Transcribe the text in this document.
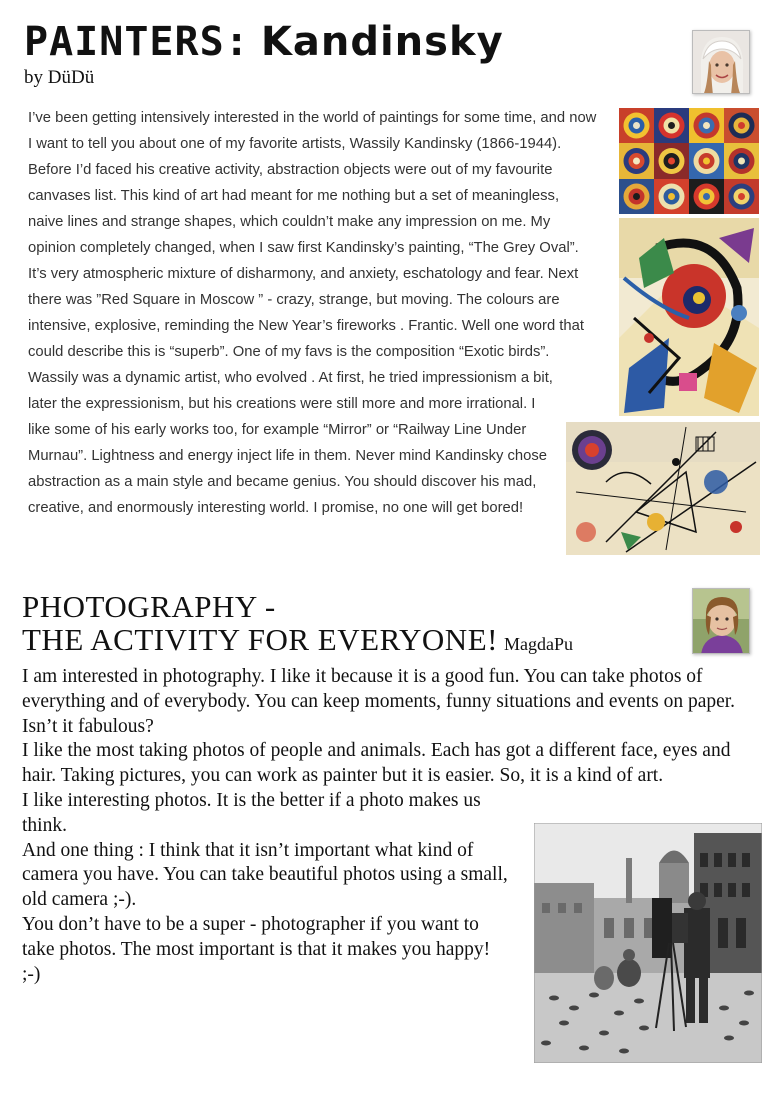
PAINTERS: Kandinsky
by DüDü

I’ve been getting intensively interested in the world of paintings for some time, and now I want to tell you about one of my favorite artists, Wassily Kandinsky (1866-1944). Before I’d faced his creative activity, abstraction objects were out of my favourite canvases list. This kind of art had meant for me nothing but a set of meaningless, naive lines and strange shapes, which couldn’t make any impression on me. My opinion completely changed, when I saw first Kandinsky’s painting, “The Grey Oval”. It’s very atmospheric mixture of disharmony, and anxiety, eschatology and fear. Next there was ”Red Square in Moscow ” - crazy, strange, but moving. The colours are intensive, explosive, reminding the New Year’s fireworks . Frantic. Well one word that could describe this is “superb”. One of my favs is the composition “Exotic birds”.

Wassily was a dynamic artist, who evolved . At first, he tried impressionism a bit, later the expressionism, but his creations were still more and more irrational. I like some of his early works too, for example “Mirror” or “Railway Line Under Murnau”. Lightness and energy inject life in them. Never mind Kandinsky chose abstraction as a main style and became genius. You should discover his mad, creative, and enormously interesting world. I promise, no one will get bored!

PHOTOGRAPHY -
THE ACTIVITY FOR EVERYONE! MagdaPu

I am interested in photography. I like it because it is a good fun. You can take photos of everything and of everybody. You can keep moments, funny situations and events on paper. Isn’t it fabulous?

I like the most taking photos of people and animals. Each has got a different face, eyes and hair. Taking pictures, you can work as painter but it is easier. So, it is a kind of art.

I like interesting photos. It is the better if a photo makes us think.

And one thing : I think that it isn’t important what kind of camera you have. You can take beautiful photos using a small, old camera ;-).

You don’t have to be a super - photographer if you want to take photos. The most important is that it makes you happy! ;-)
